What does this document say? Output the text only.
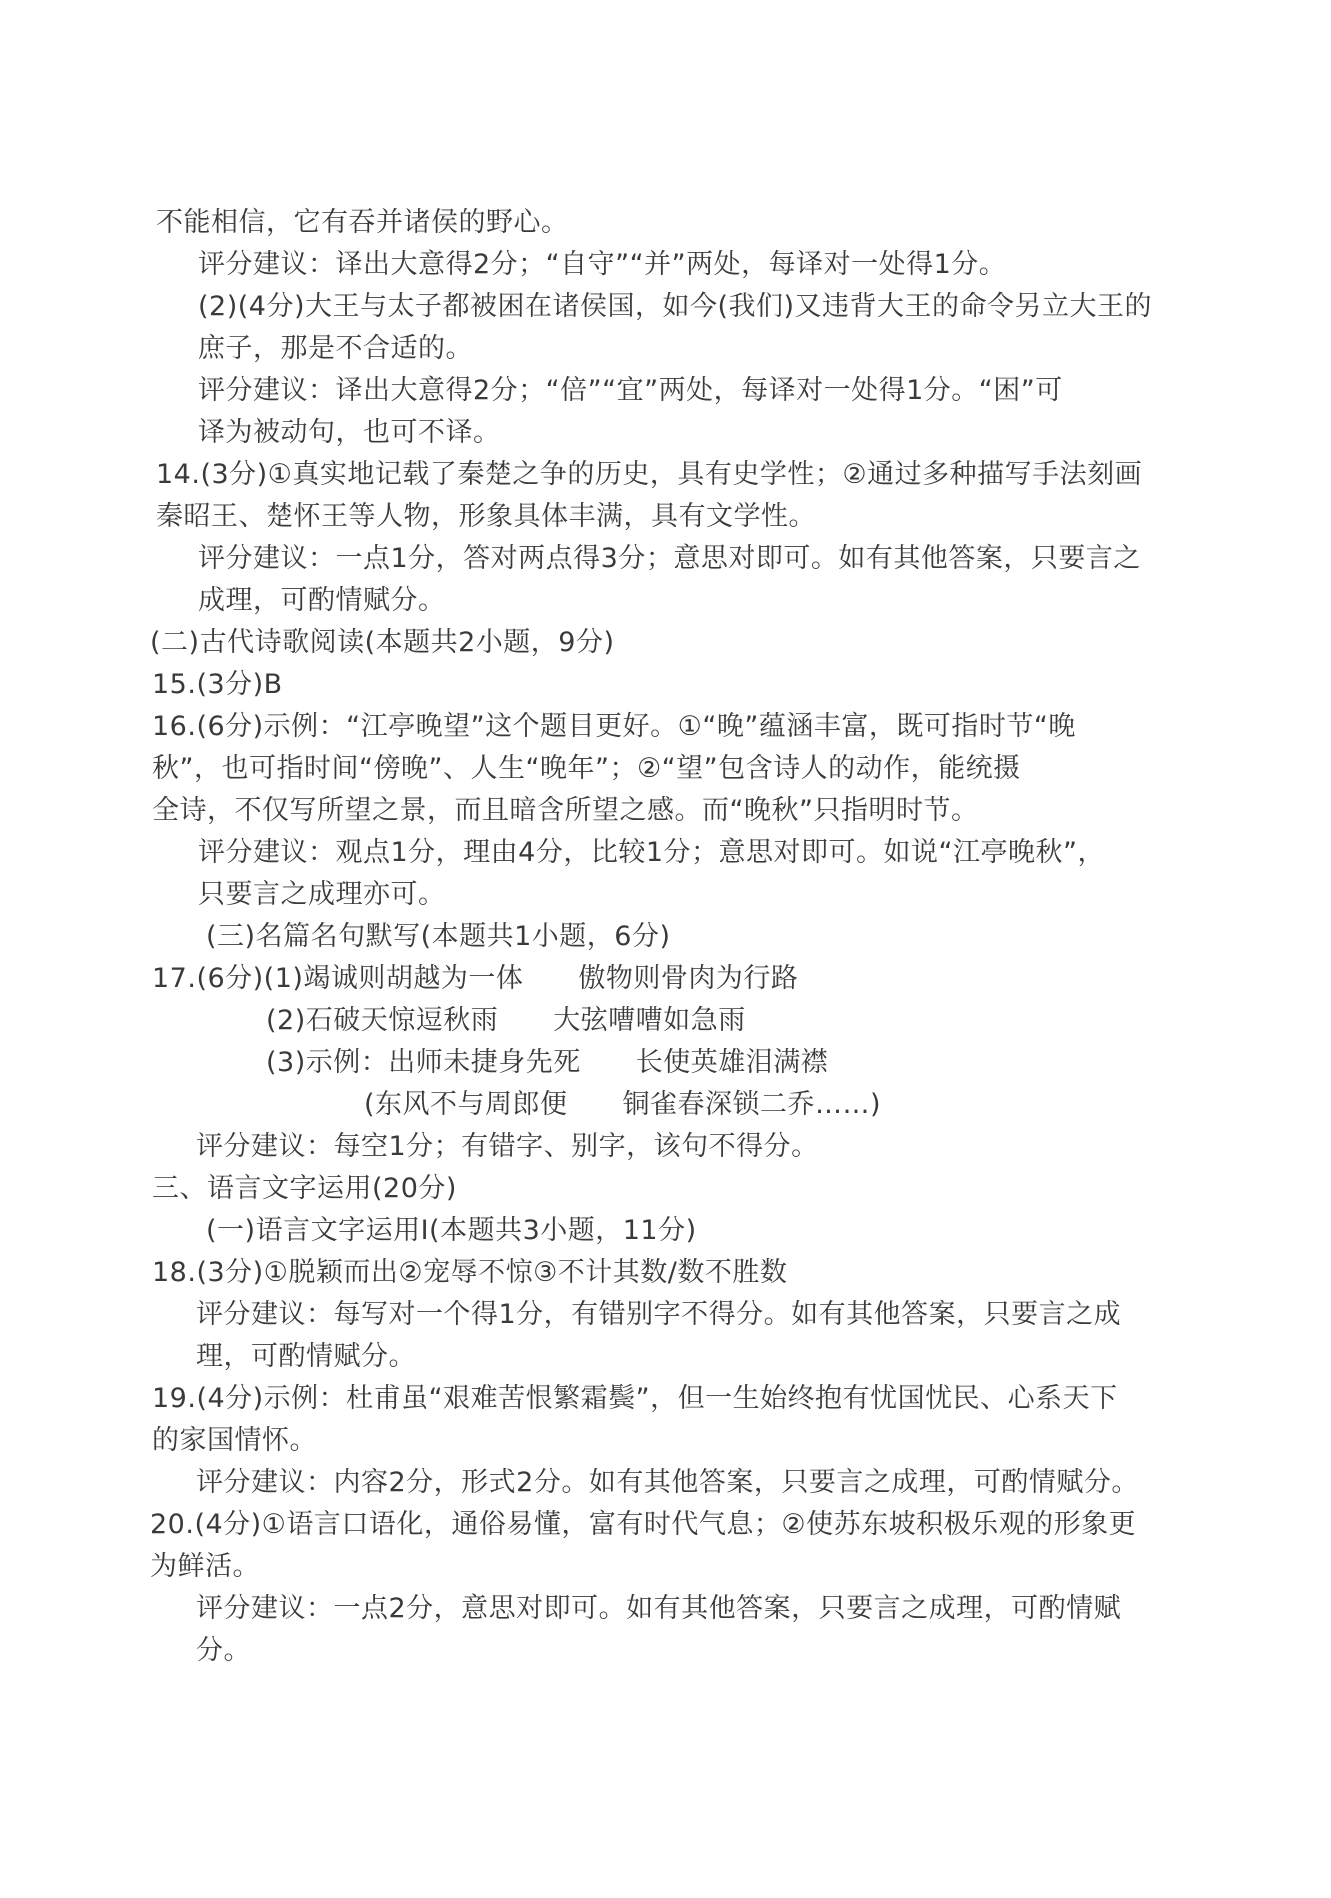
不能相信，它有吞并诸侯的野心。
评分建议：译出大意得2分；“自守”“并”两处，每译对一处得1分。
(2)(4分)大王与太子都被困在诸侯国，如今(我们)又违背大王的命令另立大王的
庶子，那是不合适的。
评分建议：译出大意得2分；“倍”“宜”两处，每译对一处得1分。“困”可
译为被动句，也可不译。
14.(3分)①真实地记载了秦楚之争的历史，具有史学性；②通过多种描写手法刻画
秦昭王、楚怀王等人物，形象具体丰满，具有文学性。
评分建议：一点1分，答对两点得3分；意思对即可。如有其他答案，只要言之
成理，可酌情赋分。
(二)古代诗歌阅读(本题共2小题，9分)
15.(3分)B
16.(6分)示例：“江亭晚望”这个题目更好。①“晚”蕴涵丰富，既可指时节“晚
秋”，也可指时间“傍晚”、人生“晚年”；②“望”包含诗人的动作，能统摄
全诗，不仅写所望之景，而且暗含所望之感。而“晚秋”只指明时节。
评分建议：观点1分，理由4分，比较1分；意思对即可。如说“江亭晚秋”，
只要言之成理亦可。
(三)名篇名句默写(本题共1小题，6分)
17.(6分)(1)竭诚则胡越为一体　　傲物则骨肉为行路
(2)石破天惊逗秋雨　　大弦嘈嘈如急雨
(3)示例：出师未捷身先死　　长使英雄泪满襟
(东风不与周郎便　　铜雀春深锁二乔……)
评分建议：每空1分；有错字、别字，该句不得分。
三、语言文字运用(20分)
(一)语言文字运用Ⅰ(本题共3小题，11分)
18.(3分)①脱颖而出②宠辱不惊③不计其数/数不胜数
评分建议：每写对一个得1分，有错别字不得分。如有其他答案，只要言之成
理，可酌情赋分。
19.(4分)示例：杜甫虽“艰难苦恨繁霜鬓”，但一生始终抱有忧国忧民、心系天下
的家国情怀。
评分建议：内容2分，形式2分。如有其他答案，只要言之成理，可酌情赋分。
20.(4分)①语言口语化，通俗易懂，富有时代气息；②使苏东坡积极乐观的形象更
为鲜活。
评分建议：一点2分，意思对即可。如有其他答案，只要言之成理，可酌情赋
分。
